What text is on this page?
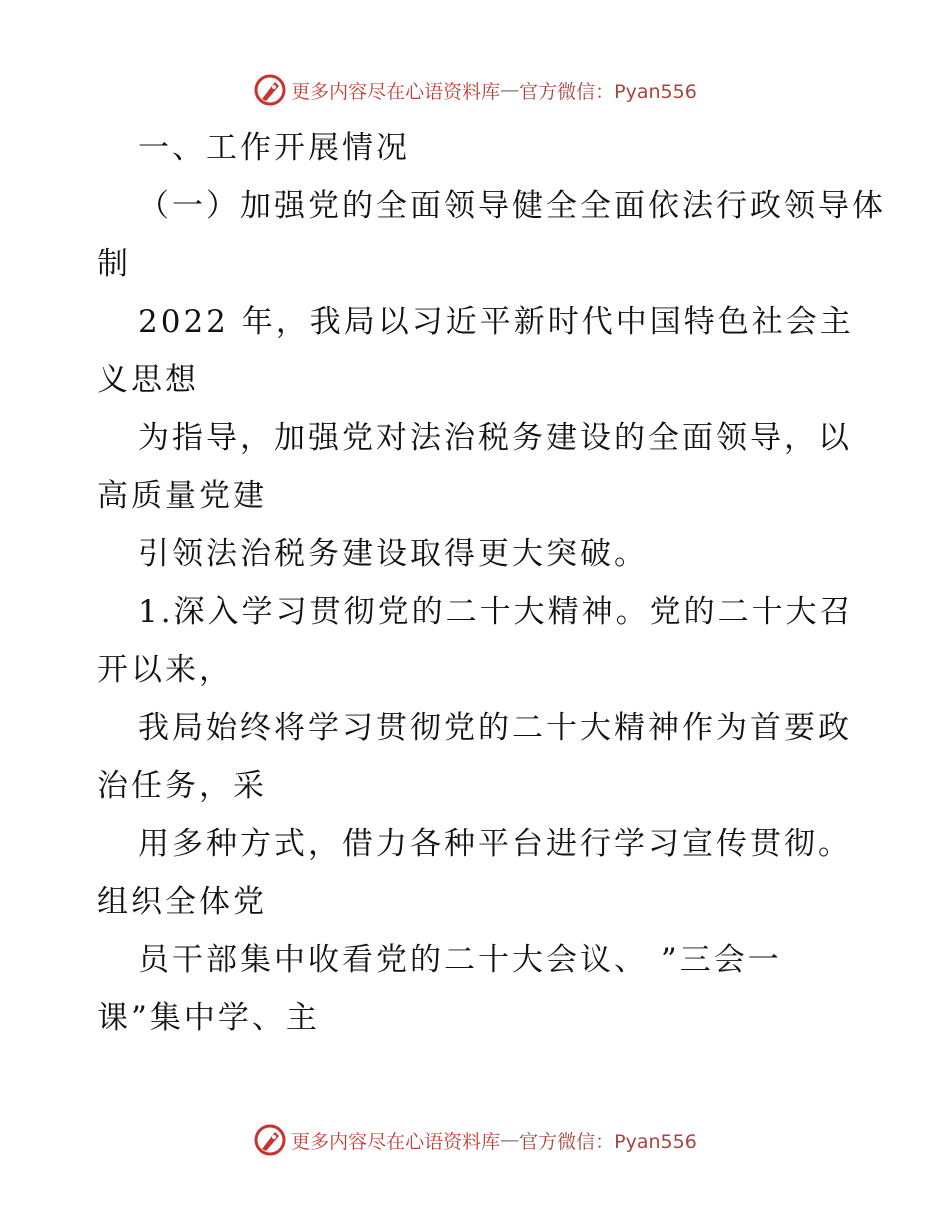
更多内容尽在心语资料库 — 官方微信：Pyan556
一、工作开展情况
（一）加强党的全面领导健全全面依法行政领导体
制
2022 年，我局以习近平新时代中国特色社会主
义思想
为指导，加强党对法治税务建设的全面领导，以
高质量党建
引领法治税务建设取得更大突破。
1.深入学习贯彻党的二十大精神。党的二十大召
开以来，
我局始终将学习贯彻党的二十大精神作为首要政
治任务，采
用多种方式，借力各种平台进行学习宣传贯彻。
组织全体党
员干部集中收看党的二十大会议、 ”三会一
课”集中学、主
更多内容尽在心语资料库 — 官方微信：Pyan556
